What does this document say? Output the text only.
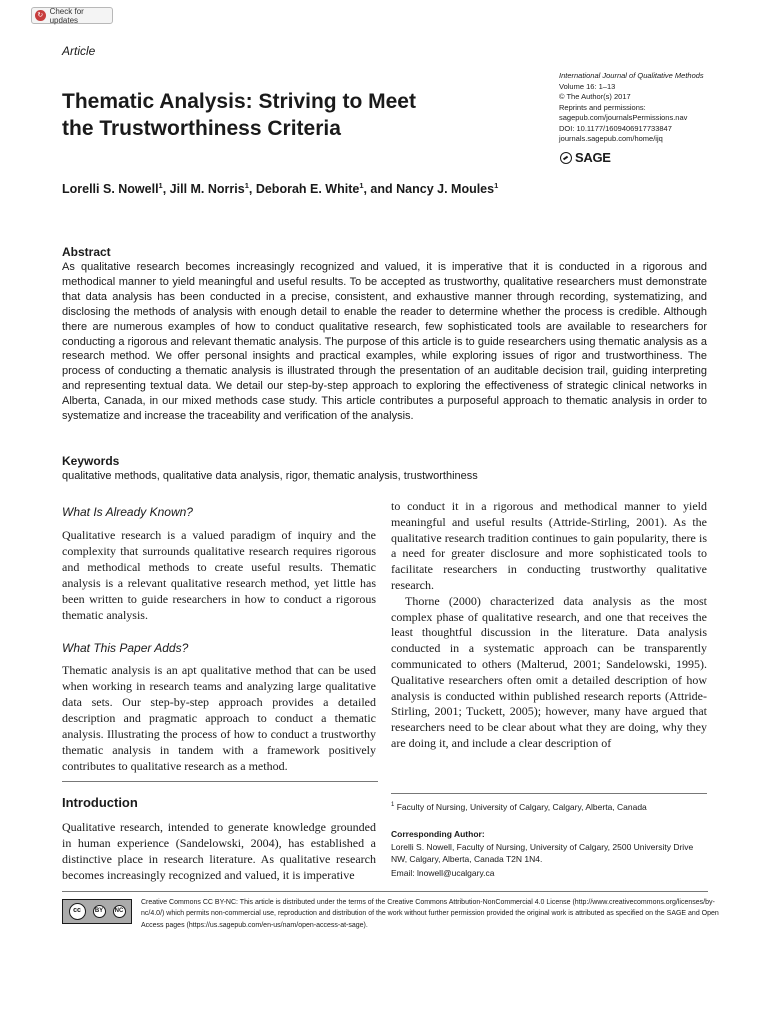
↻ Check for updates
Article
International Journal of Qualitative Methods
Volume 16: 1–13
© The Author(s) 2017
Reprints and permissions:
sagepub.com/journalsPermissions.nav
DOI: 10.1177/1609406917733847
journals.sagepub.com/home/ijq
SAGE
Thematic Analysis: Striving to Meet
the Trustworthiness Criteria
Lorelli S. Nowell$^1$, Jill M. Norris$^1$, Deborah E. White$^1$, and Nancy J. Moules$^1$
Abstract
As qualitative research becomes increasingly recognized and valued, it is imperative that it is conducted in a rigorous and methodical manner to yield meaningful and useful results. To be accepted as trustworthy, qualitative researchers must demonstrate that data analysis has been conducted in a precise, consistent, and exhaustive manner through recording, systematizing, and disclosing the methods of analysis with enough detail to enable the reader to determine whether the process is credible. Although there are numerous examples of how to conduct qualitative research, few sophisticated tools are available to researchers for conducting a rigorous and relevant thematic analysis. The purpose of this article is to guide researchers using thematic analysis as a research method. We offer personal insights and practical examples, while exploring issues of rigor and trustworthiness. The process of conducting a thematic analysis is illustrated through the presentation of an auditable decision trail, guiding interpreting and representing textual data. We detail our step-by-step approach to exploring the effectiveness of strategic clinical networks in Alberta, Canada, in our mixed methods case study. This article contributes a purposeful approach to thematic analysis in order to systematize and increase the traceability and verification of the analysis.
Keywords
qualitative methods, qualitative data analysis, rigor, thematic analysis, trustworthiness
What Is Already Known?
Qualitative research is a valued paradigm of inquiry and the complexity that surrounds qualitative research requires rigorous and methodical methods to create useful results. Thematic analysis is a relevant qualitative research method, yet little has been written to guide researchers in how to conduct a rigorous thematic analysis.
What This Paper Adds?
Thematic analysis is an apt qualitative method that can be used when working in research teams and analyzing large qualitative data sets. Our step-by-step approach provides a detailed description and pragmatic approach to conduct a thematic analysis. Illustrating the process of how to conduct a trustworthy thematic analysis in tandem with a framework positively contributes to qualitative research as a method.
Introduction
Qualitative research, intended to generate knowledge grounded in human experience (Sandelowski, 2004), has established a distinctive place in research literature. As qualitative research becomes increasingly recognized and valued, it is imperative

to conduct it in a rigorous and methodical manner to yield meaningful and useful results (Attride-Stirling, 2001). As the qualitative research tradition continues to gain popularity, there is a need for greater disclosure and more sophisticated tools to facilitate researchers in conducting trustworthy qualitative research.

Thorne (2000) characterized data analysis as the most complex phase of qualitative research, and one that receives the least thoughtful discussion in the literature. Data analysis conducted in a systematic approach can be transparently communicated to others (Malterud, 2001; Sandelowski, 1995). Qualitative researchers often omit a detailed description of how analysis is conducted within published research reports (Attride-Stirling, 2001; Tuckett, 2005); however, many have argued that researchers need to be clear about what they are doing, why they are doing it, and include a clear description of

$^1$ Faculty of Nursing, University of Calgary, Calgary, Alberta, Canada
Corresponding Author:
Lorelli S. Nowell, Faculty of Nursing, University of Calgary, 2500 University Drive NW, Calgary, Alberta, Canada T2N 1N4.
Email: lnowell@ucalgary.ca
cc	BY	NC
Creative Commons CC BY-NC: This article is distributed under the terms of the Creative Commons Attribution-NonCommercial 4.0 License (http://www.creativecommons.org/licenses/by-nc/4.0/) which permits non-commercial use, reproduction and distribution of the work without further permission provided the original work is attributed as specified on the SAGE and Open Access pages (https://us.sagepub.com/en-us/nam/open-access-at-sage).
